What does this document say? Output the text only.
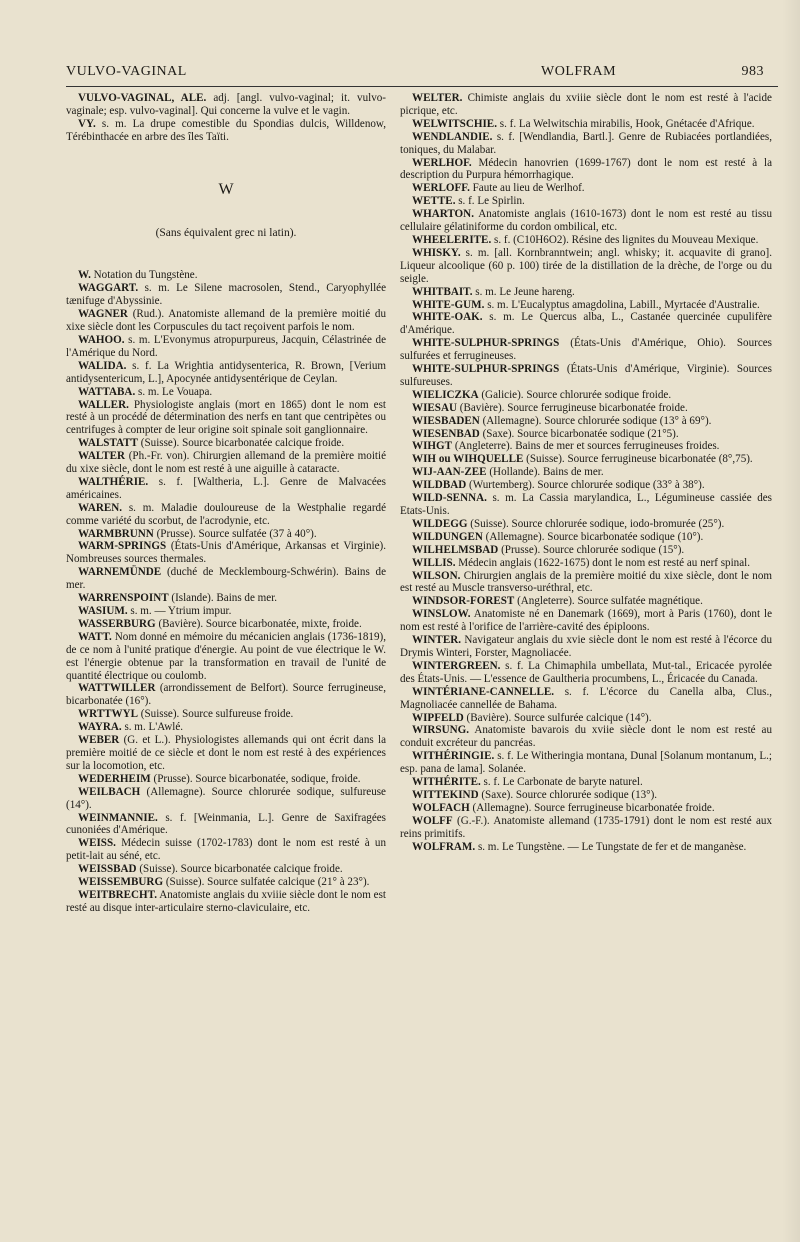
VULVO-VAGINAL	WOLFRAM	983

VULVO-VAGINAL, ALE. adj. [angl. vulvo-vaginal; it. vulvo-vaginale; esp. vulvo-vaginal]. Qui concerne la vulve et le vagin.

VY. s. m. La drupe comestible du Spondias dulcis, Willdenow, Térébinthacée en arbre des îles Taïti.

W
(Sans équivalent grec ni latin).

W. Notation du Tungstène.

WAGGART. s. m. Le Silene macrosolen, Stend., Caryophyllée tænifuge d'Abyssinie.

WAGNER (Rud.). Anatomiste allemand de la première moitié du xixe siècle dont les Corpuscules du tact reçoivent parfois le nom.

WAHOO. s. m. L'Evonymus atropurpureus, Jacquin, Célastrinée de l'Amérique du Nord.

WALIDA. s. f. La Wrightia antidysenterica, R. Brown, [Verium antidysentericum, L.], Apocynée antidysentérique de Ceylan.

WATTABA. s. m. Le Vouapa.

WALLER. Physiologiste anglais (mort en 1865) dont le nom est resté à un procédé de détermination des nerfs en tant que centripètes ou centrifuges à compter de leur origine soit spinale soit ganglionnaire.

WALSTATT (Suisse). Source bicarbonatée calcique froide.

WALTER (Ph.-Fr. von). Chirurgien allemand de la première moitié du xixe siècle, dont le nom est resté à une aiguille à cataracte.

WALTHÉRIE. s. f. [Waltheria, L.]. Genre de Malvacées américaines.

WAREN. s. m. Maladie douloureuse de la Westphalie regardé comme variété du scorbut, de l'acrodynie, etc.

WARMBRUNN (Prusse). Source sulfatée (37 à 40°).

WARM-SPRINGS (États-Unis d'Amérique, Arkansas et Virginie). Nombreuses sources thermales.

WARNEMÜNDE (duché de Mecklembourg-Schwérin). Bains de mer.

WARRENSPOINT (Islande). Bains de mer.

WASIUM. s. m. — Ytrium impur.

WASSERBURG (Bavière). Source bicarbonatée, mixte, froide.

WATT. Nom donné en mémoire du mécanicien anglais (1736-1819), de ce nom à l'unité pratique d'énergie. Au point de vue électrique le W. est l'énergie obtenue par la transformation en travail de l'unité de quantité électrique ou coulomb.

WATTWILLER (arrondissement de Belfort). Source ferrugineuse, bicarbonatée (16°).

WRTTWYL (Suisse). Source sulfureuse froide.

WAYRA. s. m. L'Awlé.

WEBER (G. et L.). Physiologistes allemands qui ont écrit dans la première moitié de ce siècle et dont le nom est resté à des expériences sur la locomotion, etc.

WEDERHEIM (Prusse). Source bicarbonatée, sodique, froide.

WEILBACH (Allemagne). Source chlorurée sodique, sulfureuse (14°).

WEINMANNIE. s. f. [Weinmania, L.]. Genre de Saxifragées cunoniées d'Amérique.

WEISS. Médecin suisse (1702-1783) dont le nom est resté à un petit-lait au séné, etc.

WEISSBAD (Suisse). Source bicarbonatée calcique froide.

WEISSEMBURG (Suisse). Source sulfatée calcique (21° à 23°).

WEITBRECHT. Anatomiste anglais du xviiie siècle dont le nom est resté au disque inter-articulaire sterno-claviculaire, etc.

WELTER. Chimiste anglais du xviiie siècle dont le nom est resté à l'acide picrique, etc.

WELWITSCHIE. s. f. La Welwitschia mirabilis, Hook, Gnétacée d'Afrique.

WENDLANDIE. s. f. [Wendlandia, Bartl.]. Genre de Rubiacées portlandiées, toniques, du Malabar.

WERLHOF. Médecin hanovrien (1699-1767) dont le nom est resté à la description du Purpura hémorrhagique.

WERLOFF. Faute au lieu de Werlhof.

WETTE. s. f. Le Spirlin.

WHARTON. Anatomiste anglais (1610-1673) dont le nom est resté au tissu cellulaire gélatiniforme du cordon ombilical, etc.

WHEELERITE. s. f. (C10H6O2). Résine des lignites du Mouveau Mexique.

WHISKY. s. m. [all. Kornbranntwein; angl. whisky; it. acquavite di grano]. Liqueur alcoolique (60 p. 100) tirée de la distillation de la drèche, de l'orge ou du seigle.

WHITBAIT. s. m. Le Jeune hareng.

WHITE-GUM. s. m. L'Eucalyptus amagdolina, Labill., Myrtacée d'Australie.

WHITE-OAK. s. m. Le Quercus alba, L., Castanée quercinée cupulifère d'Amérique.

WHITE-SULPHUR-SPRINGS (États-Unis d'Amérique, Ohio). Sources sulfurées et ferrugineuses.

WHITE-SULPHUR-SPRINGS (États-Unis d'Amérique, Virginie). Sources sulfureuses.

WIELICZKA (Galicie). Source chlorurée sodique froide.

WIESAU (Bavière). Source ferrugineuse bicarbonatée froide.

WIESBADEN (Allemagne). Source chlorurée sodique (13° à 69°).

WIESENBAD (Saxe). Source bicarbonatée sodique (21°5).

WIHGT (Angleterre). Bains de mer et sources ferrugineuses froides.

WIH ou WIHQUELLE (Suisse). Source ferrugineuse bicarbonatée (8°,75).

WIJ-AAN-ZEE (Hollande). Bains de mer.

WILDBAD (Wurtemberg). Source chlorurée sodique (33° à 38°).

WILD-SENNA. s. m. La Cassia marylandica, L., Légumineuse cassiée des Etats-Unis.

WILDEGG (Suisse). Source chlorurée sodique, iodo-bromurée (25°).

WILDUNGEN (Allemagne). Source bicarbonatée sodique (10°).

WILHELMSBAD (Prusse). Source chlorurée sodique (15°).

WILLIS. Médecin anglais (1622-1675) dont le nom est resté au nerf spinal.

WILSON. Chirurgien anglais de la première moitié du xixe siècle, dont le nom est resté au Muscle transverso-uréthral, etc.

WINDSOR-FOREST (Angleterre). Source sulfatée magnétique.

WINSLOW. Anatomiste né en Danemark (1669), mort à Paris (1760), dont le nom est resté à l'orifice de l'arrière-cavité des épiploons.

WINTER. Navigateur anglais du xvie siècle dont le nom est resté à l'écorce du Drymis Winteri, Forster, Magnoliacée.

WINTERGREEN. s. f. La Chimaphila umbellata, Mut-tal., Ericacée pyrolée des États-Unis. — L'essence de Gaultheria procumbens, L., Éricacée du Canada.

WINTÉRIANE-CANNELLE. s. f. L'écorce du Canella alba, Clus., Magnoliacée cannellée de Bahama.

WIPFELD (Bavière). Source sulfurée calcique (14°).

WIRSUNG. Anatomiste bavarois du xviie siècle dont le nom est resté au conduit excréteur du pancréas.

WITHÉRINGIE. s. f. Le Witheringia montana, Dunal [Solanum montanum, L.; esp. pana de lama]. Solanée.

WITHÉRITE. s. f. Le Carbonate de baryte naturel.

WITTEKIND (Saxe). Source chlorurée sodique (13°).

WOLFACH (Allemagne). Source ferrugineuse bicarbonatée froide.

WOLFF (G.-F.). Anatomiste allemand (1735-1791) dont le nom est resté aux reins primitifs.

WOLFRAM. s. m. Le Tungstène. — Le Tungstate de fer et de manganèse.
